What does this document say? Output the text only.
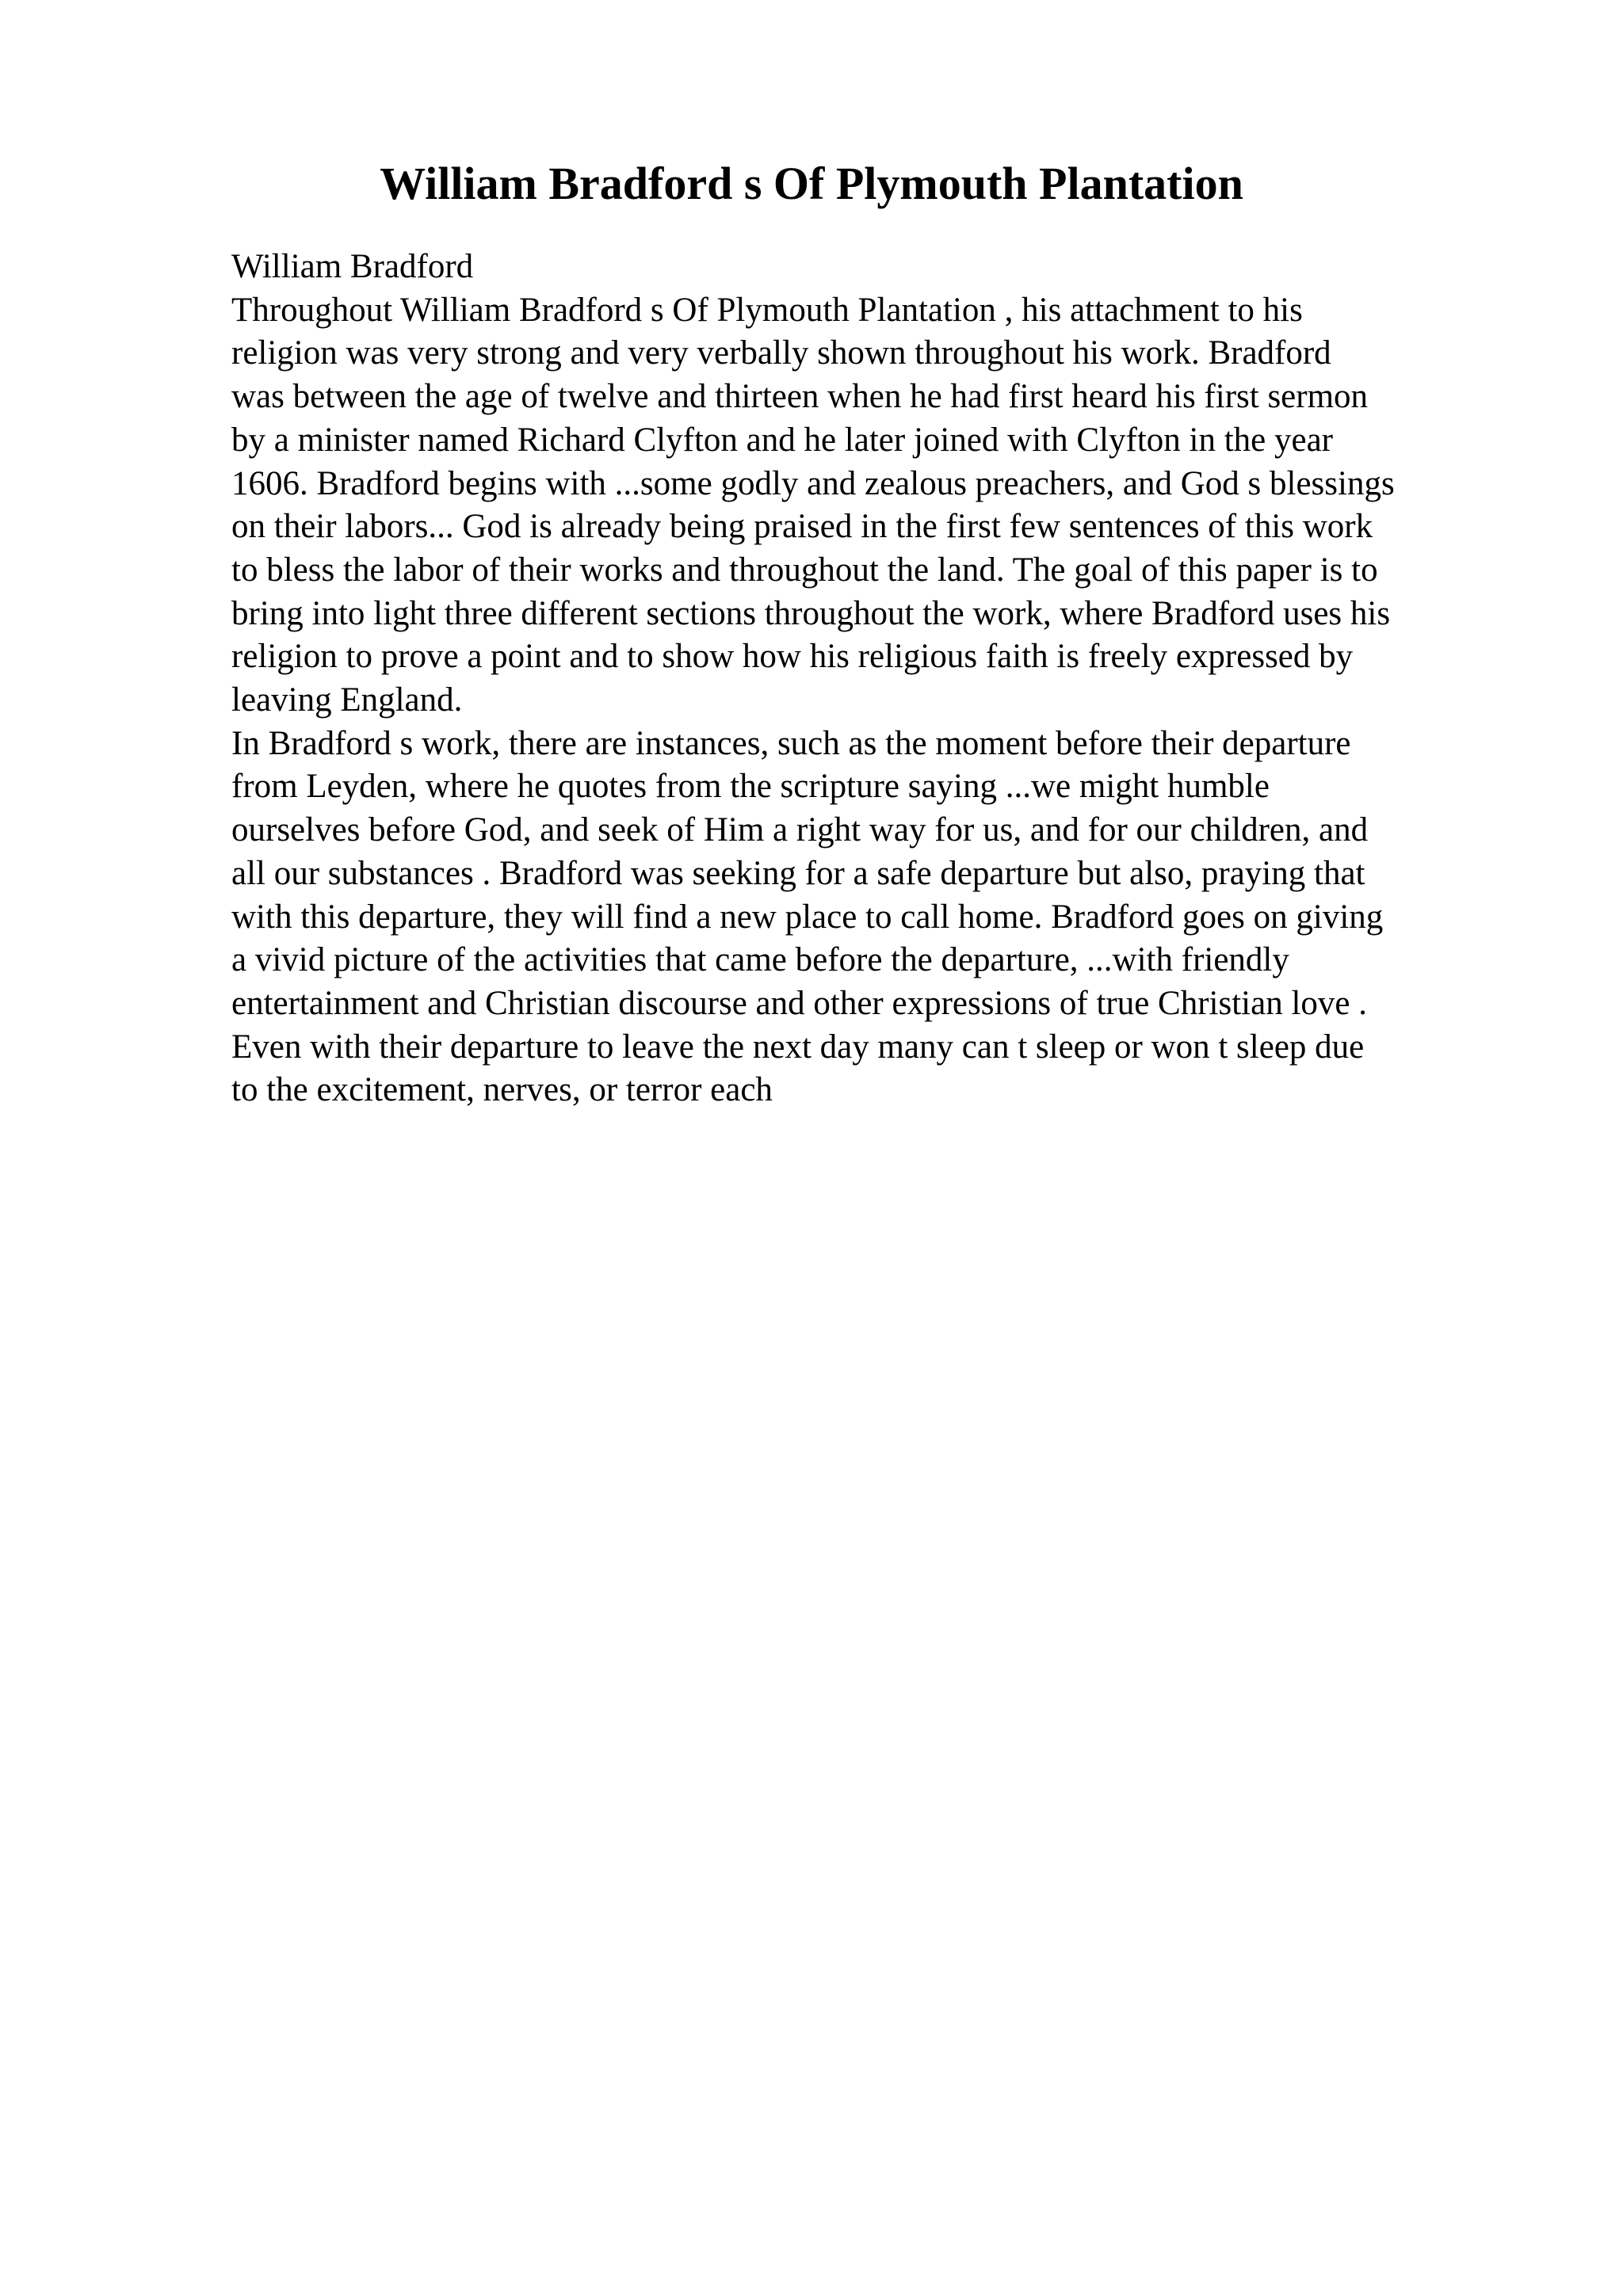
William Bradford s Of Plymouth Plantation
William Bradford
Throughout William Bradford s Of Plymouth Plantation , his attachment to his
religion was very strong and very verbally shown throughout his work. Bradford
was between the age of twelve and thirteen when he had first heard his first sermon
by a minister named Richard Clyfton and he later joined with Clyfton in the year
1606. Bradford begins with ...some godly and zealous preachers, and God s blessings
on their labors... God is already being praised in the first few sentences of this work
to bless the labor of their works and throughout the land. The goal of this paper is to
bring into light three different sections throughout the work, where Bradford uses his
religion to prove a point and to show how his religious faith is freely expressed by
leaving England.
In Bradford s work, there are instances, such as the moment before their departure
from Leyden, where he quotes from the scripture saying ...we might humble
ourselves before God, and seek of Him a right way for us, and for our children, and
all our substances . Bradford was seeking for a safe departure but also, praying that
with this departure, they will find a new place to call home. Bradford goes on giving
a vivid picture of the activities that came before the departure, ...with friendly
entertainment and Christian discourse and other expressions of true Christian love .
Even with their departure to leave the next day many can t sleep or won t sleep due
to the excitement, nerves, or terror each
